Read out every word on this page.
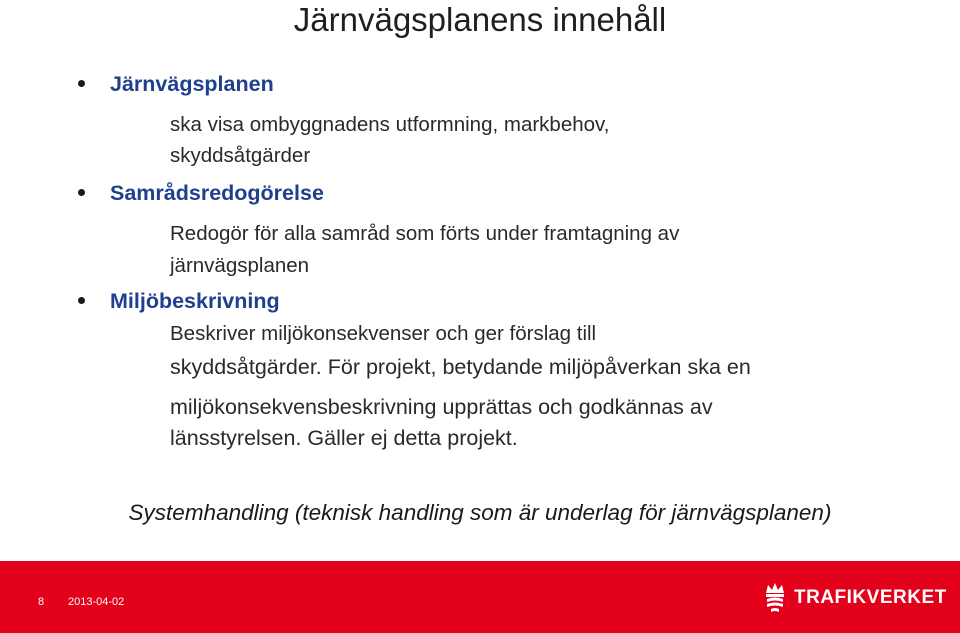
Järnvägsplanens innehåll
Järnvägsplanen
ska visa ombyggnadens utformning, markbehov,
skyddsåtgärder
Samrådsredogörelse
Redogör för alla samråd som förts under framtagning av
järnvägsplanen
Miljöbeskrivning
Beskriver miljökonsekvenser och ger förslag till
skyddsåtgärder. För projekt, betydande miljöpåverkan ska en
miljökonsekvensbeskrivning upprättas och godkännas av
länsstyrelsen. Gäller ej detta projekt.
Systemhandling (teknisk handling som är underlag för järnvägsplanen)
8 2013-04-02	TRAFIKVERKET
